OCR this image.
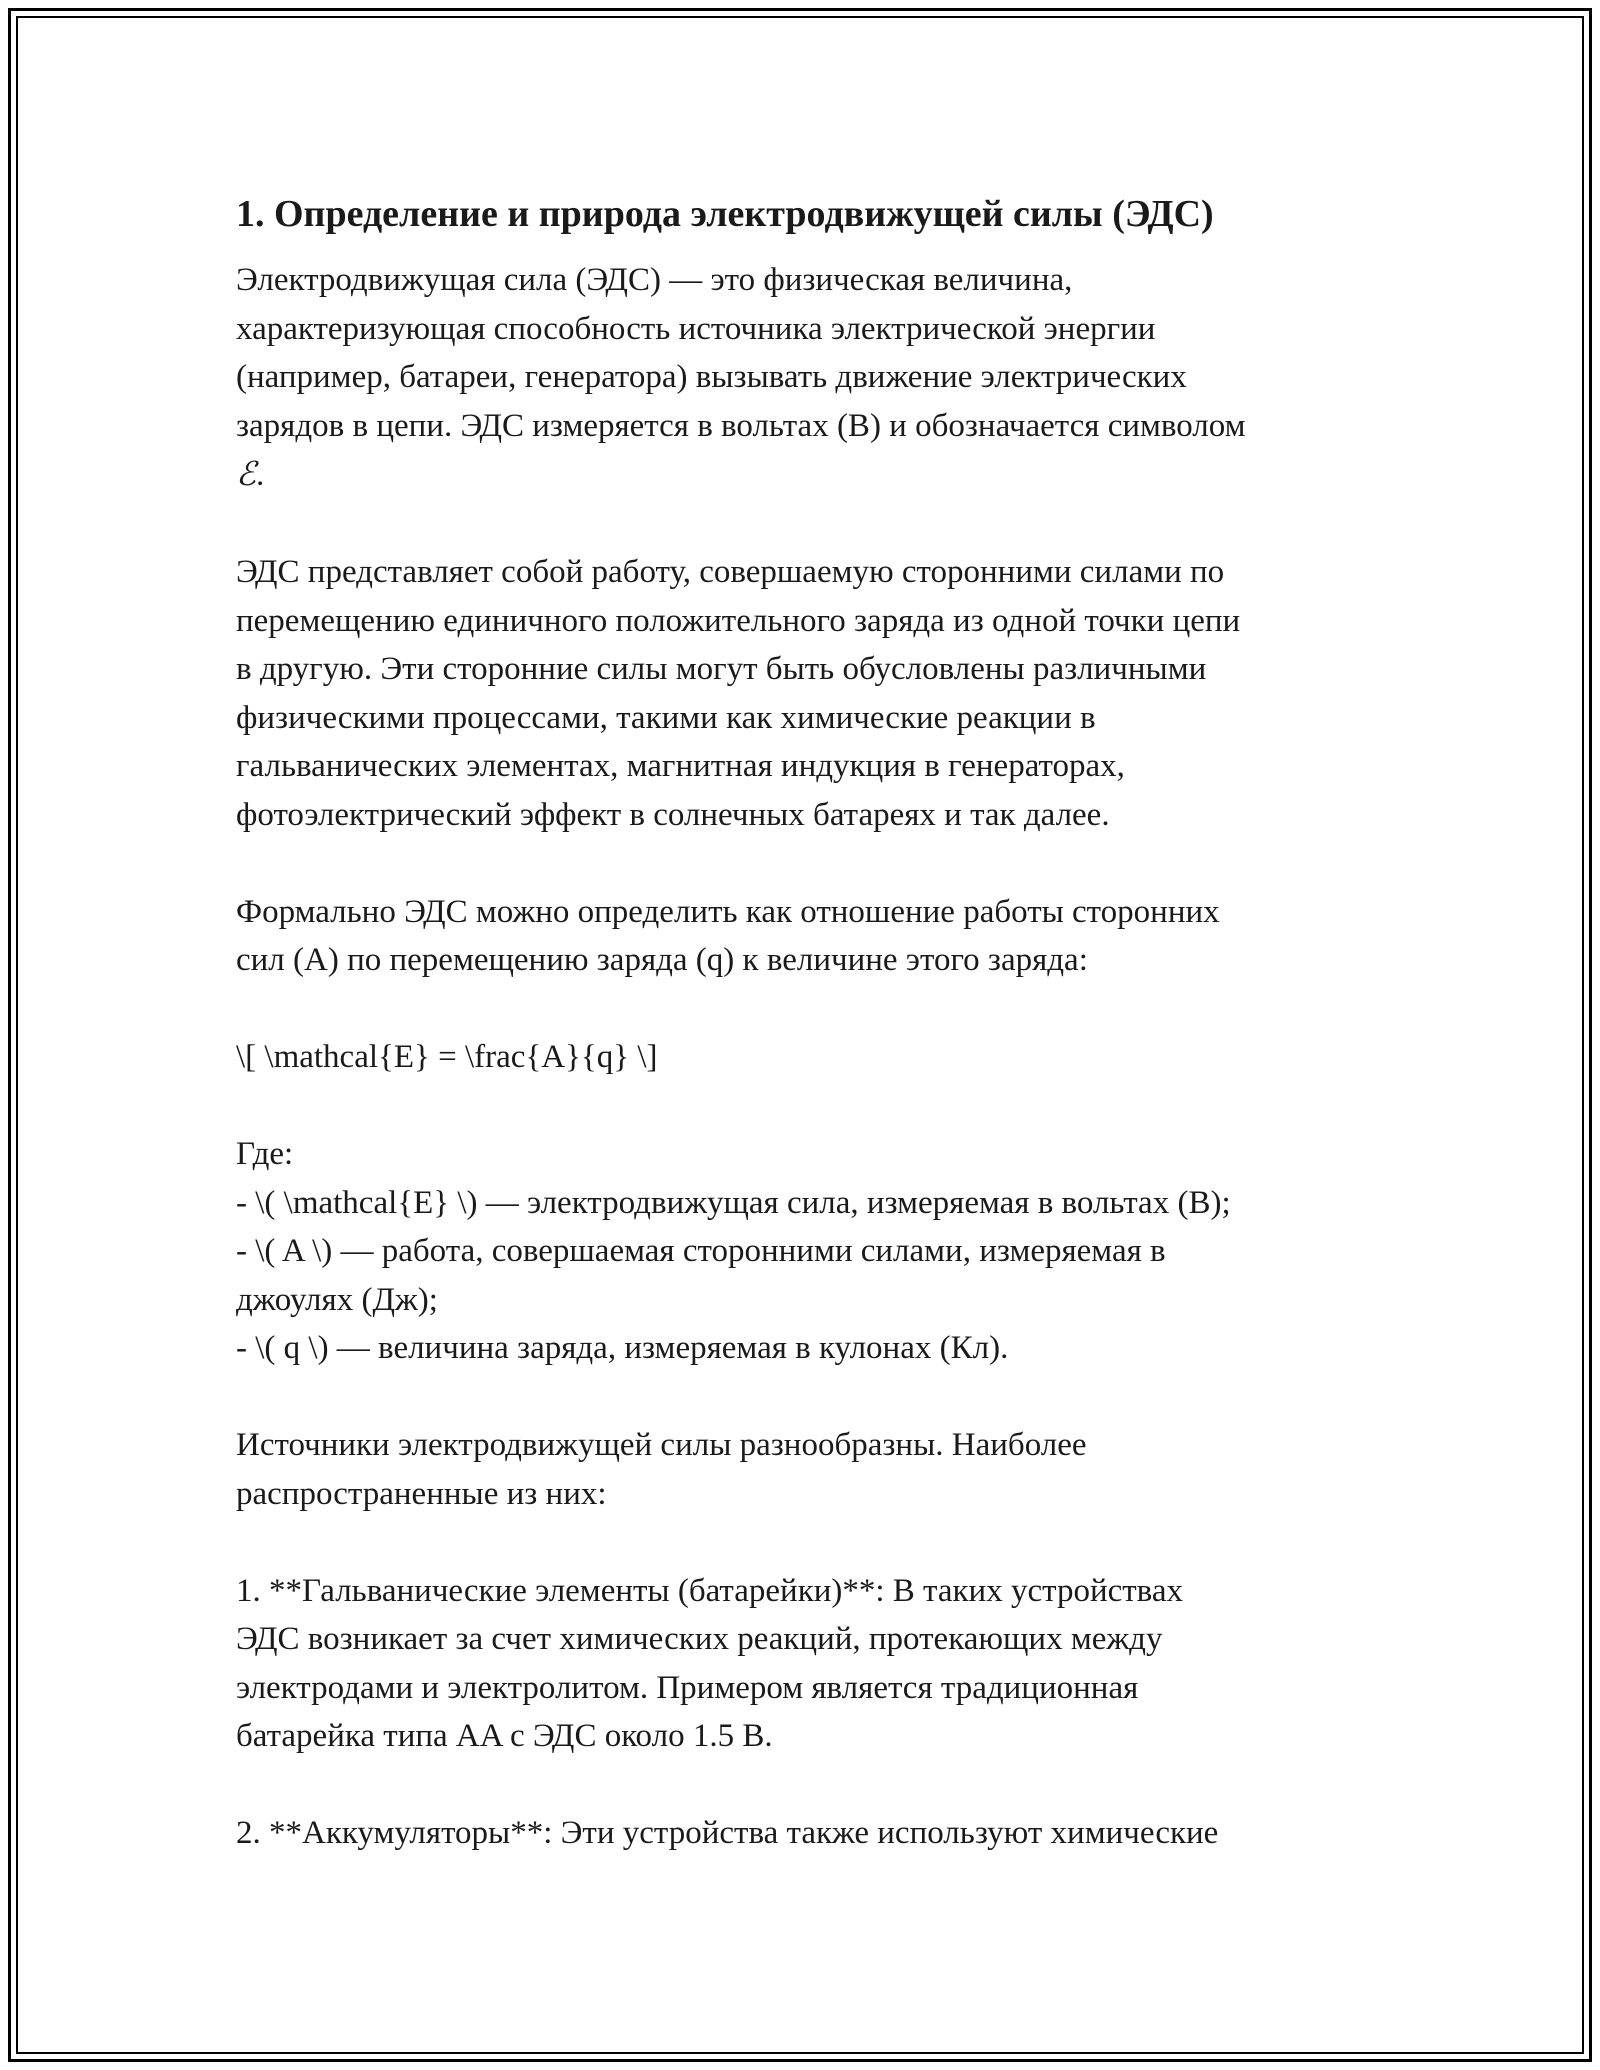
1. Определение и природа электродвижущей силы (ЭДС)
Электродвижущая сила (ЭДС) — это физическая величина,
характеризующая способность источника электрической энергии
(например, батареи, генератора) вызывать движение электрических
зарядов в цепи. ЭДС измеряется в вольтах (В) и обозначается символом
ℰ.
ЭДС представляет собой работу, совершаемую сторонними силами по
перемещению единичного положительного заряда из одной точки цепи
в другую. Эти сторонние силы могут быть обусловлены различными
физическими процессами, такими как химические реакции в
гальванических элементах, магнитная индукция в генераторах,
фотоэлектрический эффект в солнечных батареях и так далее.
Формально ЭДС можно определить как отношение работы сторонних
сил (A) по перемещению заряда (q) к величине этого заряда:
\[ \mathcal{E} = \frac{A}{q} \]
Где:
- \( \mathcal{E} \) — электродвижущая сила, измеряемая в вольтах (В);
- \( A \) — работа, совершаемая сторонними силами, измеряемая в
джоулях (Дж);
- \( q \) — величина заряда, измеряемая в кулонах (Кл).
Источники электродвижущей силы разнообразны. Наиболее
распространенные из них:
1. **Гальванические элементы (батарейки)**: В таких устройствах
ЭДС возникает за счет химических реакций, протекающих между
электродами и электролитом. Примером является традиционная
батарейка типа AA с ЭДС около 1.5 В.
2. **Аккумуляторы**: Эти устройства также используют химические
